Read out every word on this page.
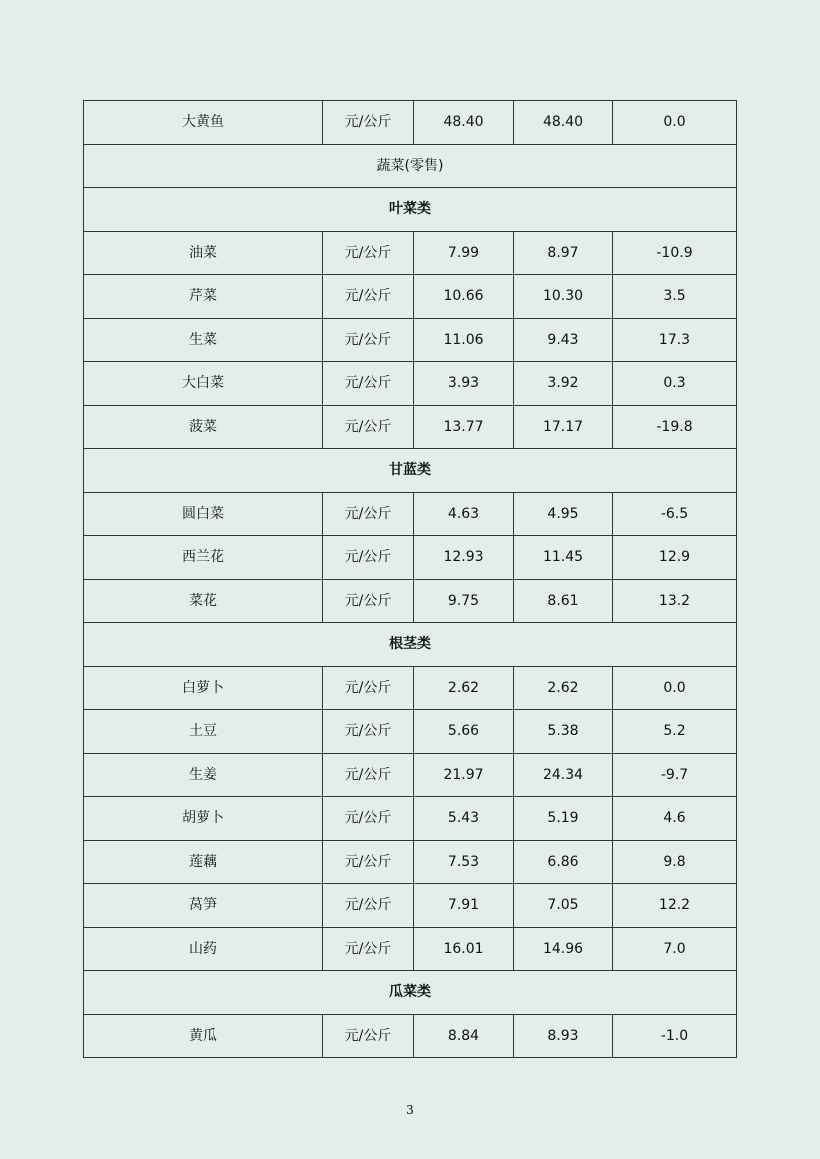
大黄鱼	元/公斤	48.40	48.40	0.0
蔬菜(零售)				
叶菜类				
油菜	元/公斤	7.99	8.97	-10.9
芹菜	元/公斤	10.66	10.30	3.5
生菜	元/公斤	11.06	9.43	17.3
大白菜	元/公斤	3.93	3.92	0.3
菠菜	元/公斤	13.77	17.17	-19.8
甘蓝类				
圆白菜	元/公斤	4.63	4.95	-6.5
西兰花	元/公斤	12.93	11.45	12.9
菜花	元/公斤	9.75	8.61	13.2
根茎类				
白萝卜	元/公斤	2.62	2.62	0.0
土豆	元/公斤	5.66	5.38	5.2
生姜	元/公斤	21.97	24.34	-9.7
胡萝卜	元/公斤	5.43	5.19	4.6
莲藕	元/公斤	7.53	6.86	9.8
莴笋	元/公斤	7.91	7.05	12.2
山药	元/公斤	16.01	14.96	7.0
瓜菜类				
黄瓜	元/公斤	8.84	8.93	-1.0
3
